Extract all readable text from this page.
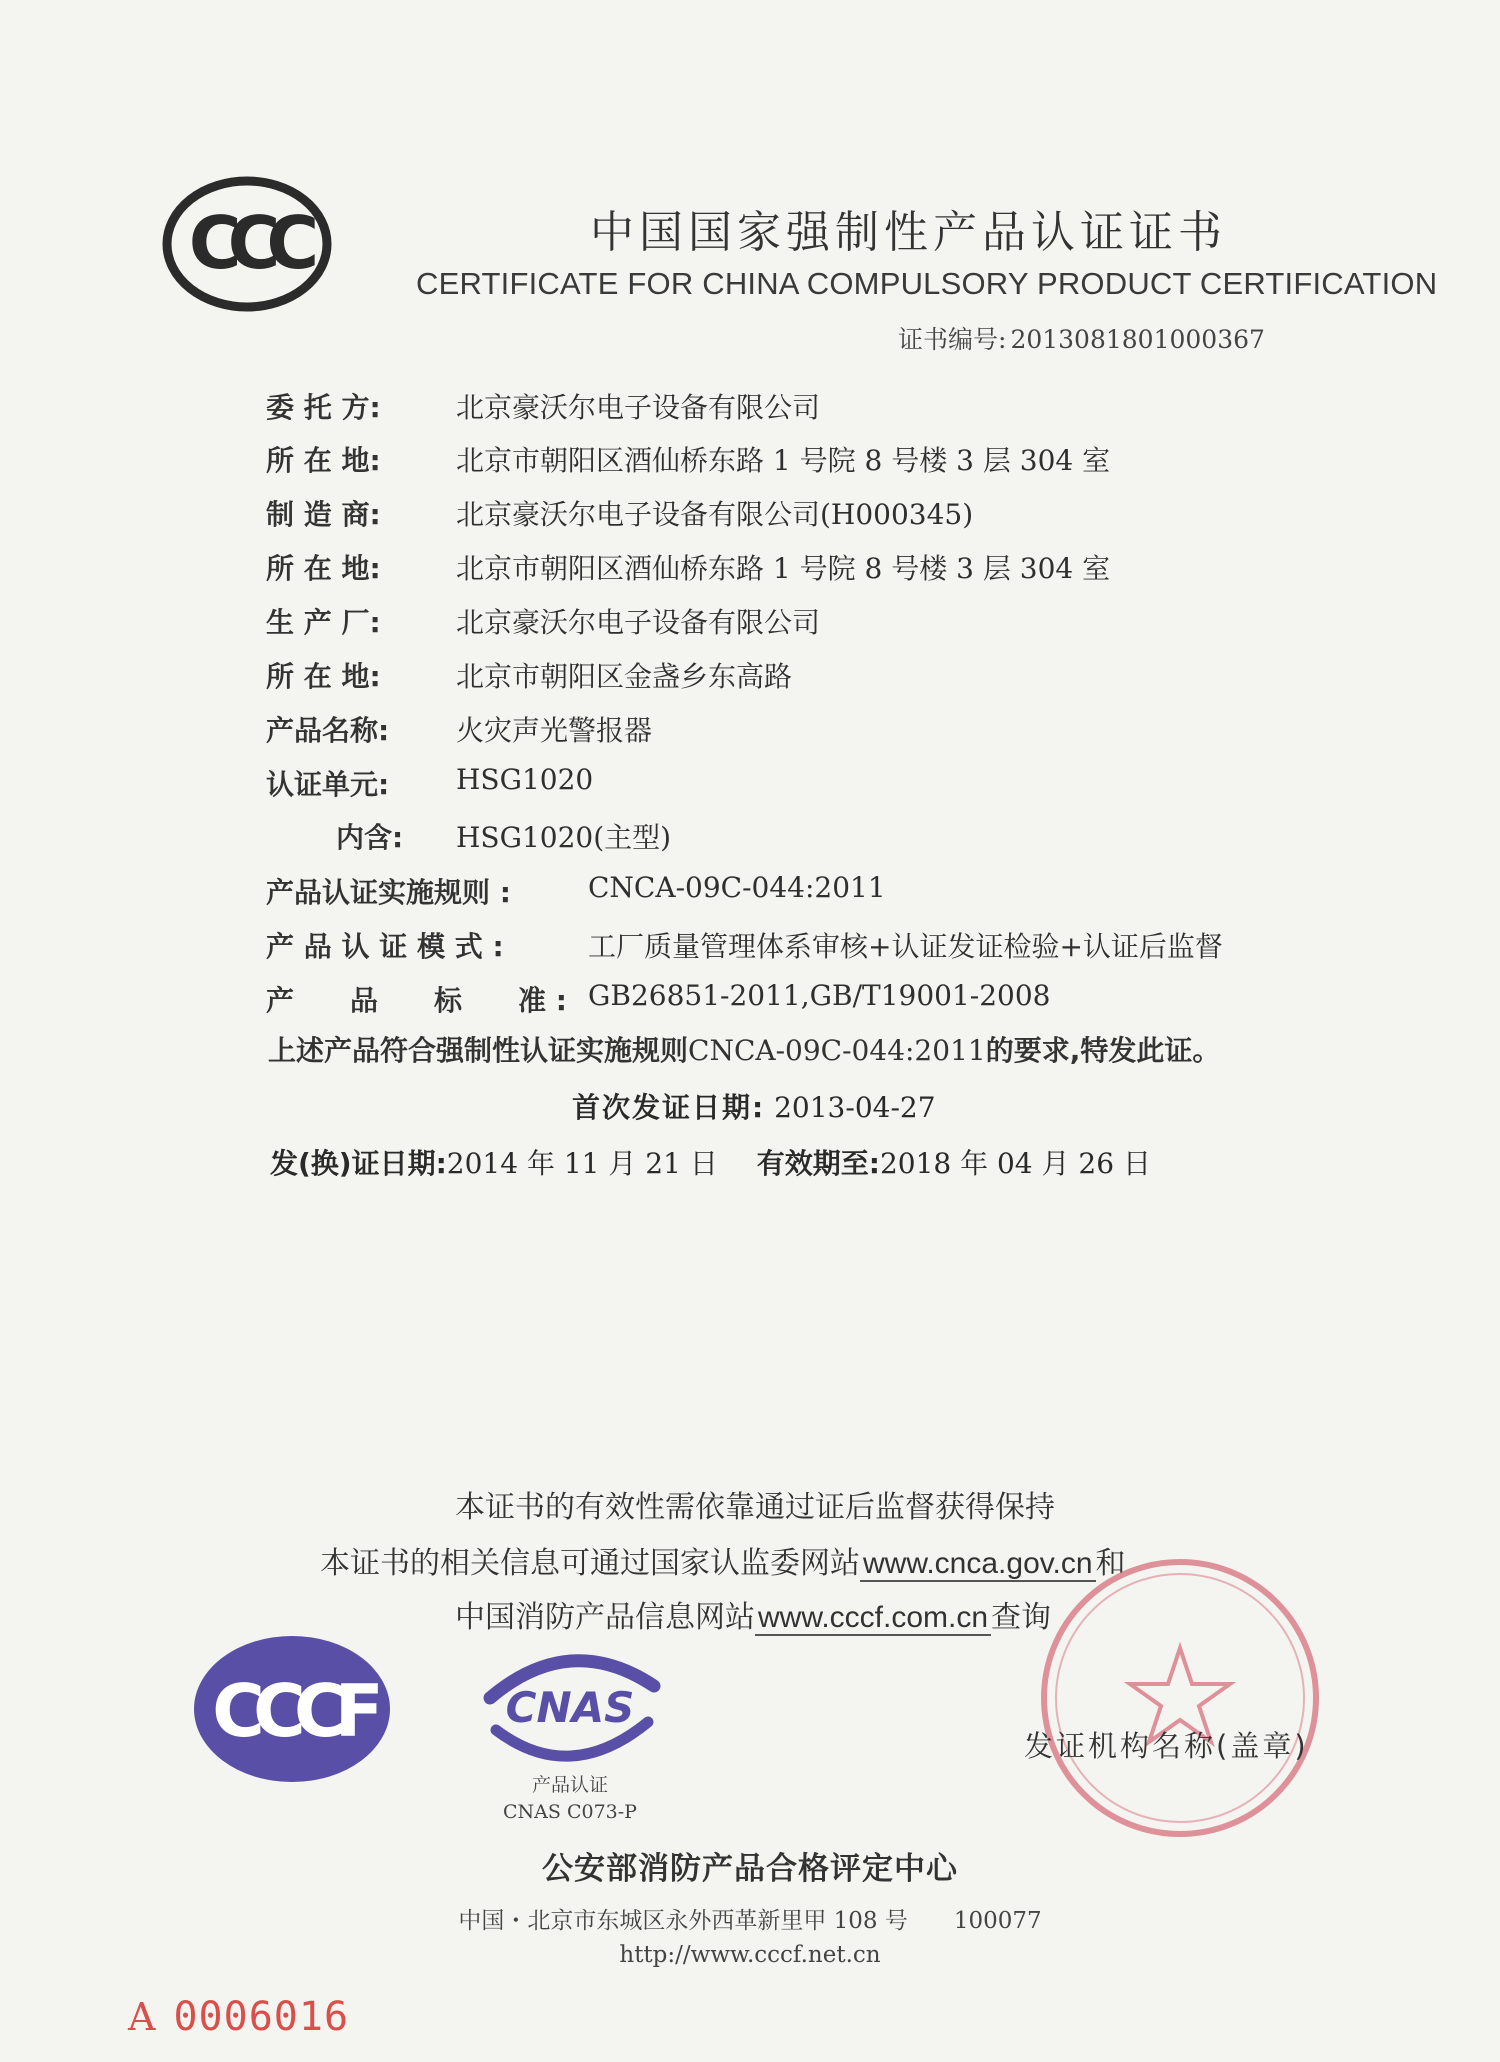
CCC	中国国家强制性产品认证证书
CERTIFICATE FOR CHINA COMPULSORY PRODUCT CERTIFICATION
证书编号: 2013081801000367
委 托 方:	北京豪沃尔电子设备有限公司
所 在 地:	北京市朝阳区酒仙桥东路 1 号院 8 号楼 3 层 304 室
制 造 商:	北京豪沃尔电子设备有限公司(H000345)
所 在 地:	北京市朝阳区酒仙桥东路 1 号院 8 号楼 3 层 304 室
生 产 厂:	北京豪沃尔电子设备有限公司
所 在 地:	北京市朝阳区金盏乡东高路
产品名称: 火灾声光警报器
认证单元: HSG1020
内含: HSG1020(主型)
产品认证实施规则 :	CNCA-09C-044:2011
产 品 认 证 模 式 :	工厂质量管理体系审核+认证发证检验+认证后监督
产　　品　　标　　准 : GB26851-2011,GB/T19001-2008
上述产品符合强制性认证实施规则CNCA-09C-044:2011的要求,特发此证。
首次发证日期: 2013-04-27
发(换)证日期:2014 年 11 月 21 日 有效期至:2018 年 04 月 26 日
本证书的有效性需依靠通过证后监督获得保持
本证书的相关信息可通过国家认监委网站 www.cnca.gov.cn 和
中国消防产品信息网站 www.cccf.com.cn 查询
CCCF	CNAS
产品认证
CNAS C073-P
发证机构名称(盖章)
公安部消防产品合格评定中心
中国・北京市东城区永外西革新里甲 108 号　　100077
http://www.cccf.net.cn
A 0006016
